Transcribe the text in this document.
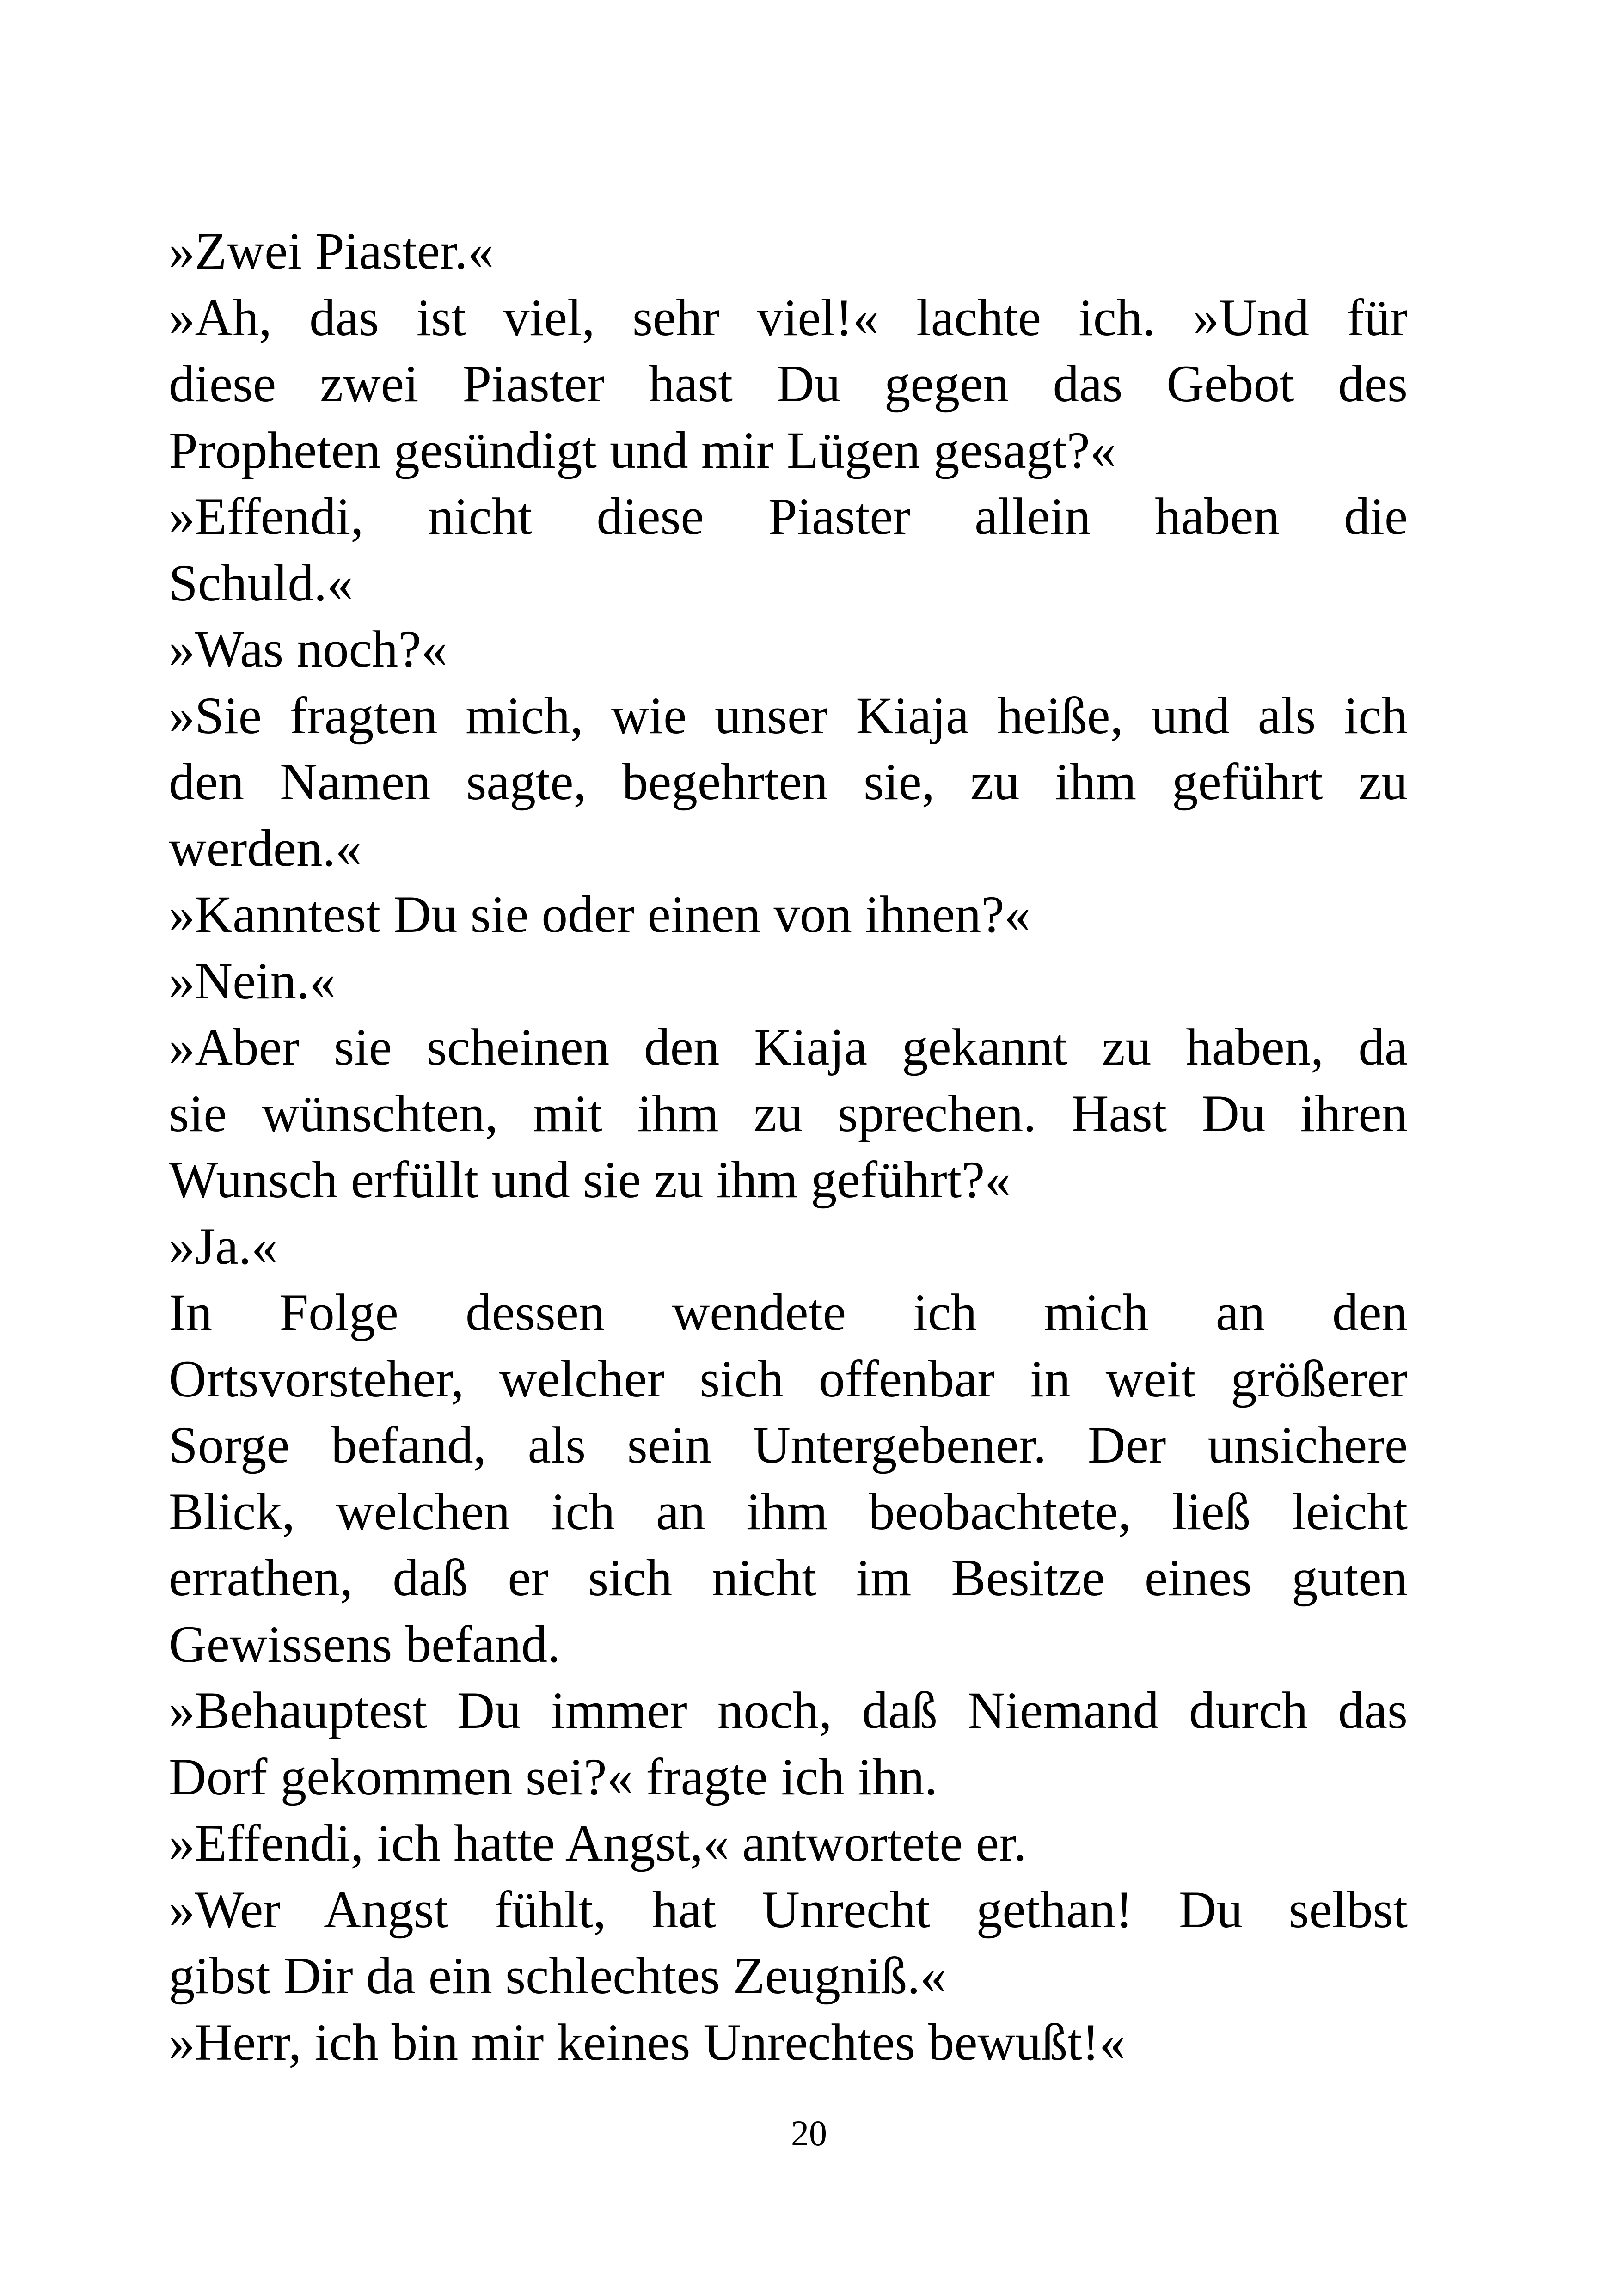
»Zwei Piaster.«
»Ah, das ist viel, sehr viel!« lachte ich. »Und für
diese zwei Piaster hast Du gegen das Gebot des
Propheten gesündigt und mir Lügen gesagt?«
»Effendi, nicht diese Piaster allein haben die
Schuld.«
»Was noch?«
»Sie fragten mich, wie unser Kiaja heiße, und als ich
den Namen sagte, begehrten sie, zu ihm geführt zu
werden.«
»Kanntest Du sie oder einen von ihnen?«
»Nein.«
»Aber sie scheinen den Kiaja gekannt zu haben, da
sie wünschten, mit ihm zu sprechen. Hast Du ihren
Wunsch erfüllt und sie zu ihm geführt?«
»Ja.«
In Folge dessen wendete ich mich an den
Ortsvorsteher, welcher sich offenbar in weit größerer
Sorge befand, als sein Untergebener. Der unsichere
Blick, welchen ich an ihm beobachtete, ließ leicht
errathen, daß er sich nicht im Besitze eines guten
Gewissens befand.
»Behauptest Du immer noch, daß Niemand durch das
Dorf gekommen sei?« fragte ich ihn.
»Effendi, ich hatte Angst,« antwortete er.
»Wer Angst fühlt, hat Unrecht gethan! Du selbst
gibst Dir da ein schlechtes Zeugniß.«
»Herr, ich bin mir keines Unrechtes bewußt!«
20
